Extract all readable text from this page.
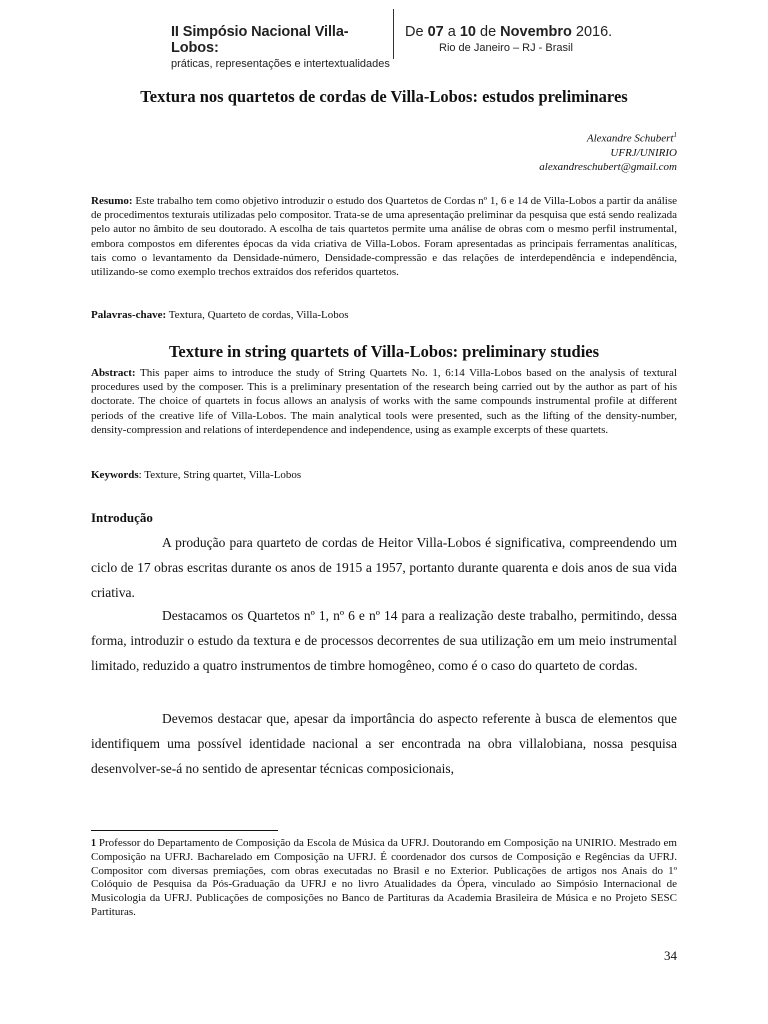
II Simpósio Nacional Villa-Lobos:
práticas, representações e intertextualidades
De 07 a 10 de Novembro 2016.
Rio de Janeiro – RJ - Brasil
Textura nos quartetos de cordas de Villa-Lobos: estudos preliminares
Alexandre Schubert$^1$
UFRJ/UNIRIO
alexandreschubert@gmail.com
Resumo: Este trabalho tem como objetivo introduzir o estudo dos Quartetos de Cordas nº 1, 6 e 14 de Villa-Lobos a partir da análise de procedimentos texturais utilizadas pelo compositor. Trata-se de uma apresentação preliminar da pesquisa que está sendo realizada pelo autor no âmbito de seu doutorado. A escolha de tais quartetos permite uma análise de obras com o mesmo perfil instrumental, embora compostos em diferentes épocas da vida criativa de Villa-Lobos. Foram apresentadas as principais ferramentas analíticas, tais como o levantamento da Densidade-número, Densidade-compressão e das relações de interdependência e independência, utilizando-se como exemplo trechos extraídos dos referidos quartetos.
Palavras-chave: Textura, Quarteto de cordas, Villa-Lobos
Texture in string quartets of Villa-Lobos: preliminary studies
Abstract: This paper aims to introduce the study of String Quartets No. 1, 6:14 Villa-Lobos based on the analysis of textural procedures used by the composer. This is a preliminary presentation of the research being carried out by the author as part of his doctorate. The choice of quartets in focus allows an analysis of works with the same compounds instrumental profile at different periods of the creative life of Villa-Lobos. The main analytical tools were presented, such as the lifting of the density-number, density-compression and relations of interdependence and independence, using as example excerpts of these quartets.
Keywords: Texture, String quartet, Villa-Lobos
Introdução
A produção para quarteto de cordas de Heitor Villa-Lobos é significativa, compreendendo um ciclo de 17 obras escritas durante os anos de 1915 a 1957, portanto durante quarenta e dois anos de sua vida criativa.
Destacamos os Quartetos nº 1, nº 6 e nº 14 para a realização deste trabalho, permitindo, dessa forma, introduzir o estudo da textura e de processos decorrentes de sua utilização em um meio instrumental limitado, reduzido a quatro instrumentos de timbre homogêneo, como é o caso do quarteto de cordas.
Devemos destacar que, apesar da importância do aspecto referente à busca de elementos que identifiquem uma possível identidade nacional a ser encontrada na obra villalobiana, nossa pesquisa desenvolver-se-á no sentido de apresentar técnicas composicionais,
1 Professor do Departamento de Composição da Escola de Música da UFRJ. Doutorando em Composição na UNIRIO. Mestrado em Composição na UFRJ. Bacharelado em Composição na UFRJ. É coordenador dos cursos de Composição e Regências da UFRJ. Compositor com diversas premiações, com obras executadas no Brasil e no Exterior. Publicações de artigos nos Anais do 1º Colóquio de Pesquisa da Pós-Graduação da UFRJ e no livro Atualidades da Ópera, vinculado ao Simpósio Internacional de Musicologia da UFRJ. Publicações de composições no Banco de Partituras da Academia Brasileira de Música e no Projeto SESC Partituras.
34
